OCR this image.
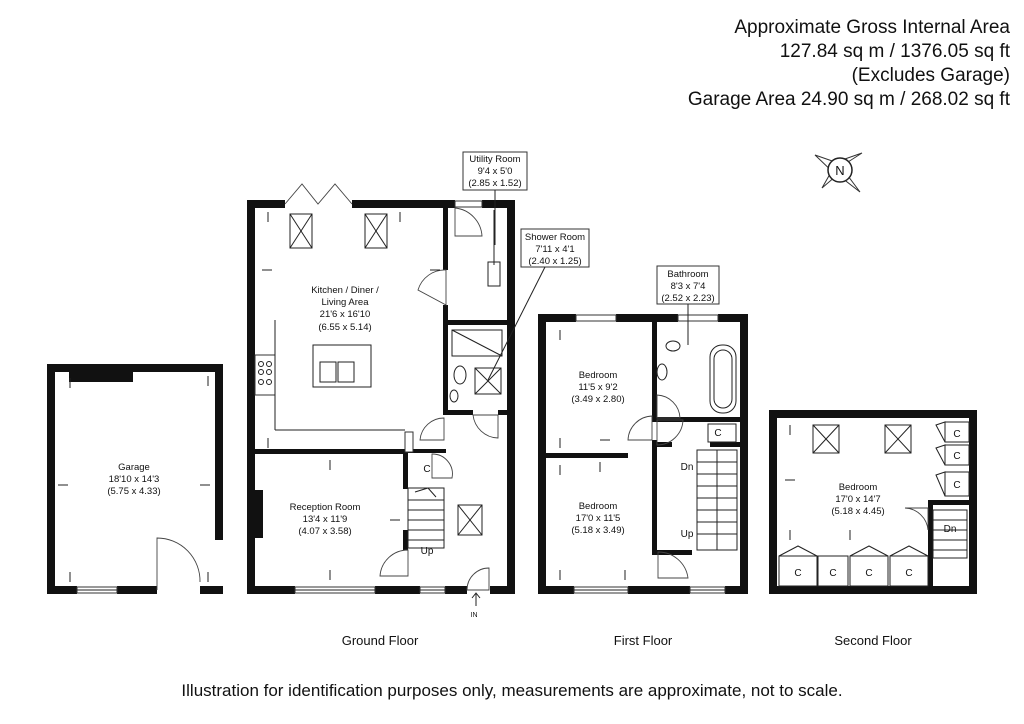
Approximate Gross Internal Area
127.84 sq m / 1376.05 sq ft
(Excludes Garage)
Garage Area 24.90 sq m / 268.02 sq ft
N
Garage
18'10 x 14'3
(5.75 x 4.33)
Ground Floor
Utility Room
9'4 x 5'0
(2.85 x 1.52)
Shower Room
7'11 x 4'1
(2.40 x 1.25)
Kitchen / Diner /
Living Area
21'6 x 16'10
(6.55 x 5.14)
Reception Room
13'4 x 11'9
(4.07 x 3.58)
C
Up
IN
Bathroom
8'3 x 7'4
(2.52 x 2.23)
Bedroom
11'5 x 9'2
(3.49 x 2.80)
Bedroom
17'0 x 11'5
(5.18 x 3.49)
C
Dn
Up
First Floor
Bedroom
17'0 x 14'7
(5.18 x 4.45)
C
C
C
C	C	C	C
Dn
Second Floor
Illustration for identification purposes only, measurements are approximate, not to scale.
